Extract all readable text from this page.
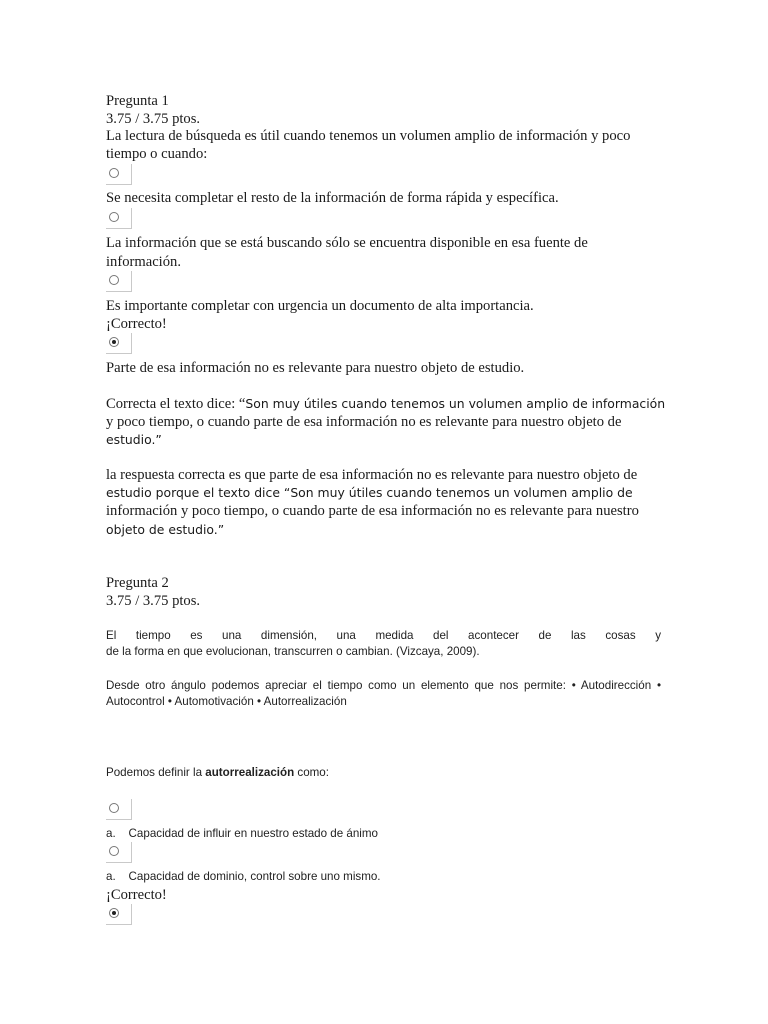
Pregunta 1
3.75 / 3.75 ptos.
La lectura de búsqueda es útil cuando tenemos un volumen amplio de información y poco
tiempo o cuando:
Se necesita completar el resto de la información de forma rápida y específica.
La información que se está buscando sólo se encuentra disponible en esa fuente de
información.
Es importante completar con urgencia un documento de alta importancia.
¡Correcto!
Parte de esa información no es relevante para nuestro objeto de estudio.
Correcta el texto dice: “Son muy útiles cuando tenemos un volumen amplio de información
y poco tiempo, o cuando parte de esa información no es relevante para nuestro objeto de
estudio.”
la respuesta correcta es que parte de esa información no es relevante para nuestro objeto de
estudio porque el texto dice “Son muy útiles cuando tenemos un volumen amplio de
información y poco tiempo, o cuando parte de esa información no es relevante para nuestro
objeto de estudio.”
Pregunta 2
3.75 / 3.75 ptos.
El tiempo es una dimensión, una medida del acontecer de las cosas y
de la forma en que evolucionan, transcurren o cambian. (Vizcaya, 2009).
Desde otro ángulo podemos apreciar el tiempo como un elemento que nos permite: • Autodirección •
Autocontrol • Automotivación • Autorrealización
Podemos definir la autorrealización como:
a.    Capacidad de influir en nuestro estado de ánimo
a.    Capacidad de dominio, control sobre uno mismo.
¡Correcto!
